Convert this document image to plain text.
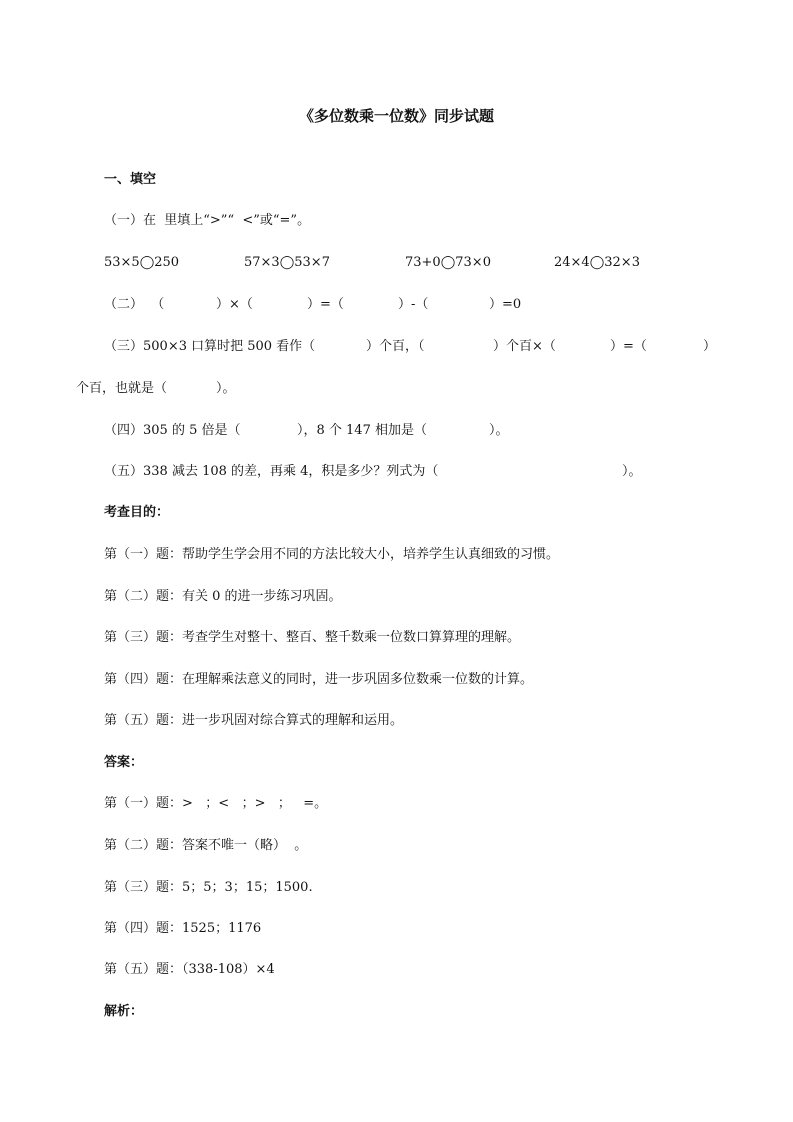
《多位数乘一位数》同步试题
一、填空
（一）在  里填上“>”“  <”或“=”。
53×5◯250	57×3◯53×7	73+0◯73×0	24×4◯32×3
（二）  （	）×（	）=（	）-（	）=0
（三）500×3 口算时把 500 看作（	）个百，（	）个百×（	）=（	）
个百，也就是（	）。
（四）305 的 5 倍是（	），8 个 147 相加是（	）。
（五）338 减去 108 的差，再乘 4，积是多少？列式为（	）。
考查目的：
第（一）题：帮助学生学会用不同的方法比较大小，培养学生认真细致的习惯。
第（二）题：有关 0 的进一步练习巩固。
第（三）题：考查学生对整十、整百、整千数乘一位数口算算理的理解。
第（四）题：在理解乘法意义的同时，进一步巩固多位数乘一位数的计算。
第（五）题：进一步巩固对综合算式的理解和运用。
答案：
第（一）题：>   ；<   ；>   ；   =。
第（二）题：答案不唯一（略）  。
第（三）题：5；5；3；15；1500.
第（四）题：1525；1176
第（五）题：（338-108）×4
解析：
